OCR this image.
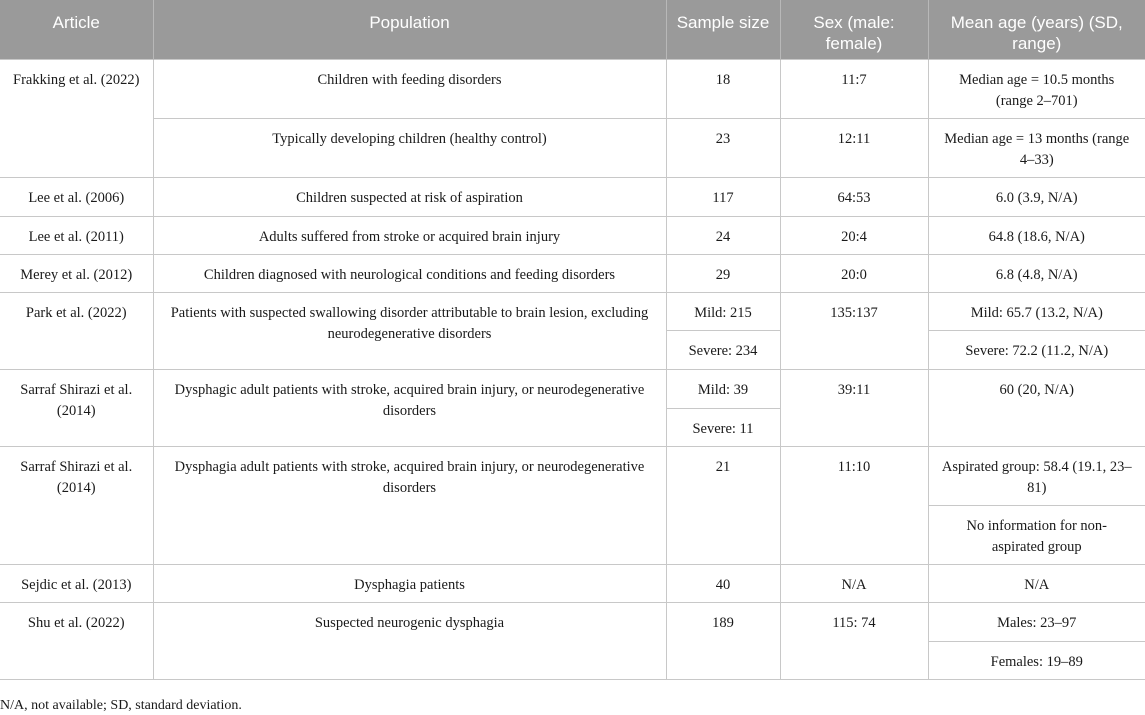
Article	Population	Sample size	Sex (male: female)	Mean age (years) (SD, range)
Frakking et al. (2022)	Children with feeding disorders	18	11:7	Median age = 10.5 months (range 2–701)
	Typically developing children (healthy control)	23	12:11	Median age = 13 months (range 4–33)
Lee et al. (2006)	Children suspected at risk of aspiration	117	64:53	6.0 (3.9, N/A)
Lee et al. (2011)	Adults suffered from stroke or acquired brain injury	24	20:4	64.8 (18.6, N/A)
Merey et al. (2012)	Children diagnosed with neurological conditions and feeding disorders	29	20:0	6.8 (4.8, N/A)
Park et al. (2022)	Patients with suspected swallowing disorder attributable to brain lesion, excluding neurodegenerative disorders	Mild: 215	135:137	Mild: 65.7 (13.2, N/A)
		Severe: 234		Severe: 72.2 (11.2, N/A)
Sarraf Shirazi et al. (2014)	Dysphagic adult patients with stroke, acquired brain injury, or neurodegenerative disorders	Mild: 39	39:11	60 (20, N/A)
		Severe: 11		
Sarraf Shirazi et al. (2014)	Dysphagia adult patients with stroke, acquired brain injury, or neurodegenerative disorders	21	11:10	Aspirated group: 58.4 (19.1, 23–81)
				No information for non-aspirated group
Sejdic et al. (2013)	Dysphagia patients	40	N/A	N/A
Shu et al. (2022)	Suspected neurogenic dysphagia	189	115: 74	Males: 23–97
				Females: 19–89
N/A, not available; SD, standard deviation.
